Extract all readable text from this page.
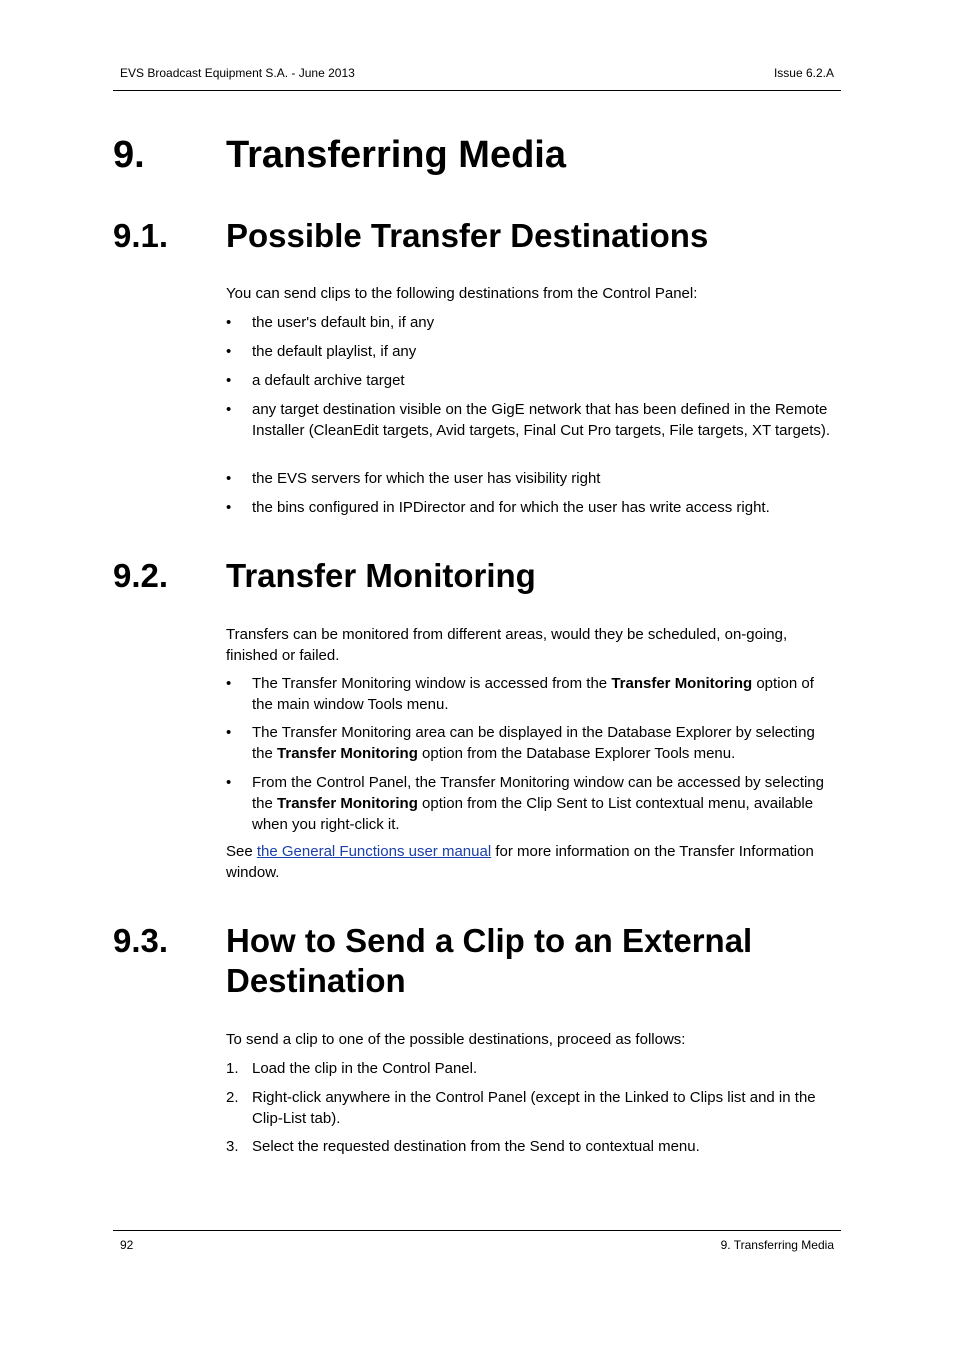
EVS Broadcast Equipment S.A. - June 2013	Issue 6.2.A
9. Transferring Media
9.1. Possible Transfer Destinations
You can send clips to the following destinations from the Control Panel:
•	the user's default bin, if any
•	the default playlist, if any
•	a default archive target
•	any target destination visible on the GigE network that has been defined in the Remote Installer (CleanEdit targets, Avid targets, Final Cut Pro targets, File targets, XT targets).
•	the EVS servers for which the user has visibility right
•	the bins configured in IPDirector and for which the user has write access right.
9.2. Transfer Monitoring
Transfers can be monitored from different areas, would they be scheduled, on-going, finished or failed.
•	The Transfer Monitoring window is accessed from the Transfer Monitoring option of the main window Tools menu.
•	The Transfer Monitoring area can be displayed in the Database Explorer by selecting the Transfer Monitoring option from the Database Explorer Tools menu.
•	From the Control Panel, the Transfer Monitoring window can be accessed by selecting the Transfer Monitoring option from the Clip Sent to List contextual menu, available when you right-click it.
See the General Functions user manual for more information on the Transfer Information window.
9.3. How to Send a Clip to an External Destination
To send a clip to one of the possible destinations, proceed as follows:
1. Load the clip in the Control Panel.
2. Right-click anywhere in the Control Panel (except in the Linked to Clips list and in the Clip-List tab).
3. Select the requested destination from the Send to contextual menu.
92	9. Transferring Media
